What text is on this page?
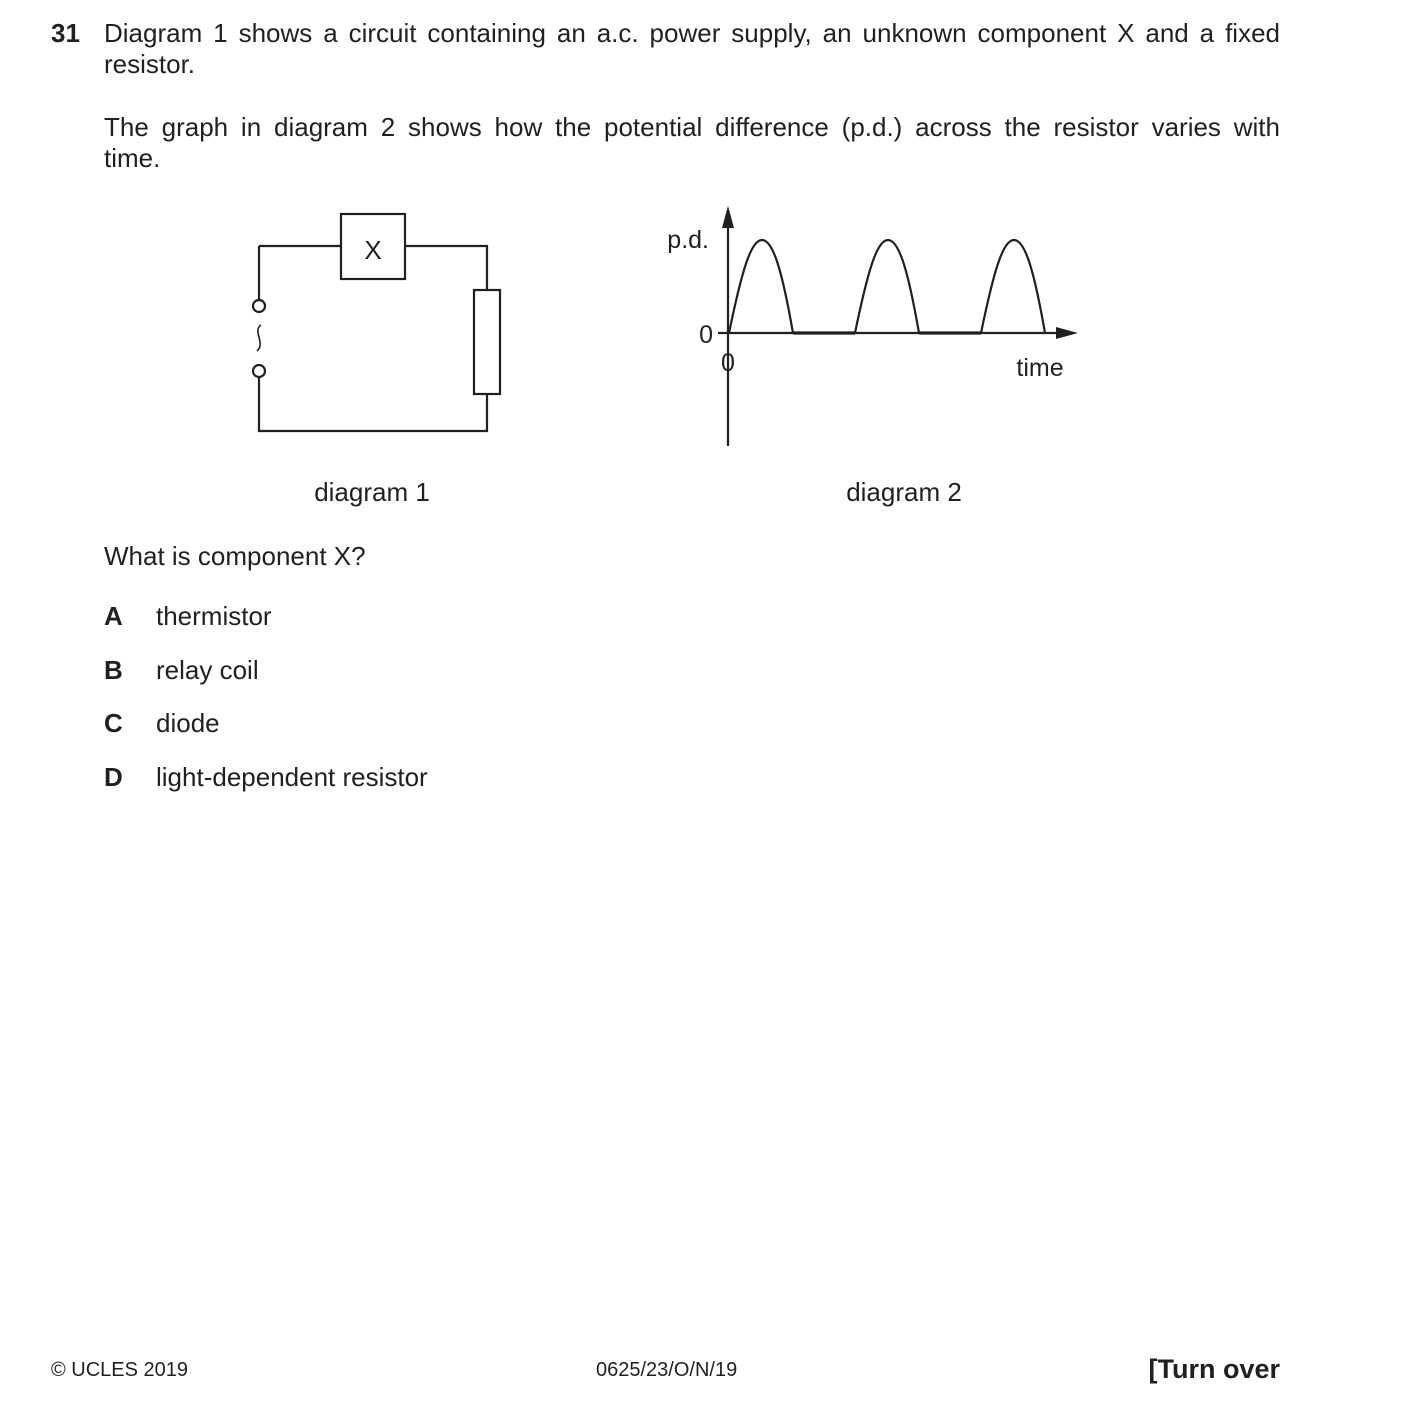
31 Diagram 1 shows a circuit containing an a.c. power supply, an unknown component X and a fixed
resistor.
The graph in diagram 2 shows how the potential difference (p.d.) across the resistor varies with
time.
X
diagram 1
p.d.
0
0	time
diagram 2
What is component X?
A thermistor
B relay coil
C diode
D light-dependent resistor
© UCLES 2019	0625/23/O/N/19	[Turn over
